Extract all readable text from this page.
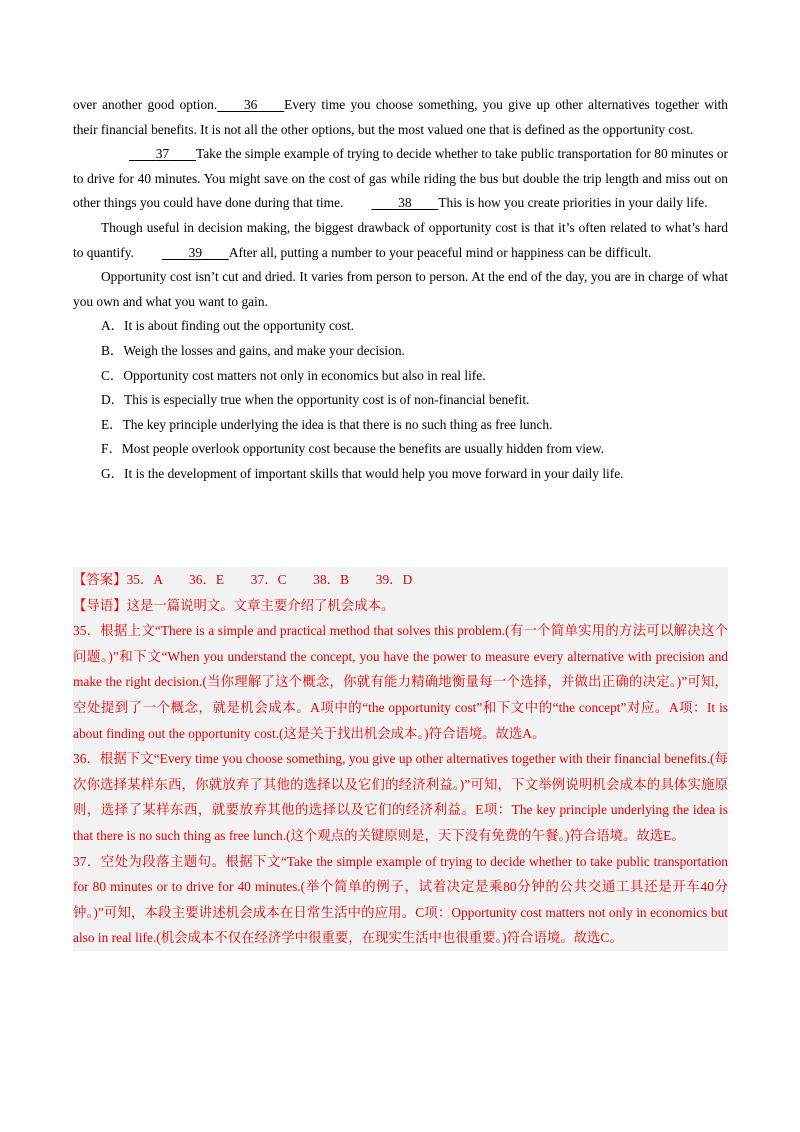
over another good option.   36   Every time you choose something, you give up other alternatives together with their financial benefits. It is not all the other options, but the most valued one that is defined as the opportunity cost.

  37   Take the simple example of trying to decide whether to take public transportation for 80 minutes or to drive for 40 minutes. You might save on the cost of gas while riding the bus but double the trip length and miss out on other things you could have done during that time.  	38   This is how you create priorities in your daily life.

Though useful in decision making, the biggest drawback of opportunity cost is that it’s often related to what’s hard to quantify.  	39   After all, putting a number to your peaceful mind or happiness can be difficult.

Opportunity cost isn’t cut and dried. It varies from person to person. At the end of the day, you are in charge of what you own and what you want to gain.

A．It is about finding out the opportunity cost.

B．Weigh the losses and gains, and make your decision.

C．Opportunity cost matters not only in economics but also in real life.

D．This is especially true when the opportunity cost is of non-financial benefit.

E．The key principle underlying the idea is that there is no such thing as free lunch.

F．Most people overlook opportunity cost because the benefits are usually hidden from view.

G．It is the development of important skills that would help you move forward in your daily life.

【答案】35．A　　36．E　　37．C　　38．B　　39．D

【导语】这是一篇说明文。文章主要介绍了机会成本。

35．根据上文“There is a simple and practical method that solves this problem.(有一个简单实用的方法可以解决这个问题。)”和下文“When you understand the concept, you have the power to measure every alternative with precision and make the right decision.(当你理解了这个概念，你就有能力精确地衡量每一个选择，并做出正确的决定。)”可知，空处提到了一个概念，就是机会成本。A项中的“the opportunity cost”和下文中的“the concept”对应。A项：It is about finding out the opportunity cost.(这是关于找出机会成本。)符合语境。故选A。

36．根据下文“Every time you choose something, you give up other alternatives together with their financial benefits.(每次你选择某样东西，你就放弃了其他的选择以及它们的经济利益。)”可知，下文举例说明机会成本的具体实施原则，选择了某样东西，就要放弃其他的选择以及它们的经济利益。E项：The key principle underlying the idea is that there is no such thing as free lunch.(这个观点的关键原则是，天下没有免费的午餐。)符合语境。故选E。

37．空处为段落主题句。根据下文“Take the simple example of trying to decide whether to take public transportation for 80 minutes or to drive for 40 minutes.(举个简单的例子，试着决定是乘80分钟的公共交通工具还是开车40分钟。)”可知，本段主要讲述机会成本在日常生活中的应用。C项：Opportunity cost matters not only in economics but also in real life.(机会成本不仅在经济学中很重要，在现实生活中也很重要。)符合语境。故选C。
